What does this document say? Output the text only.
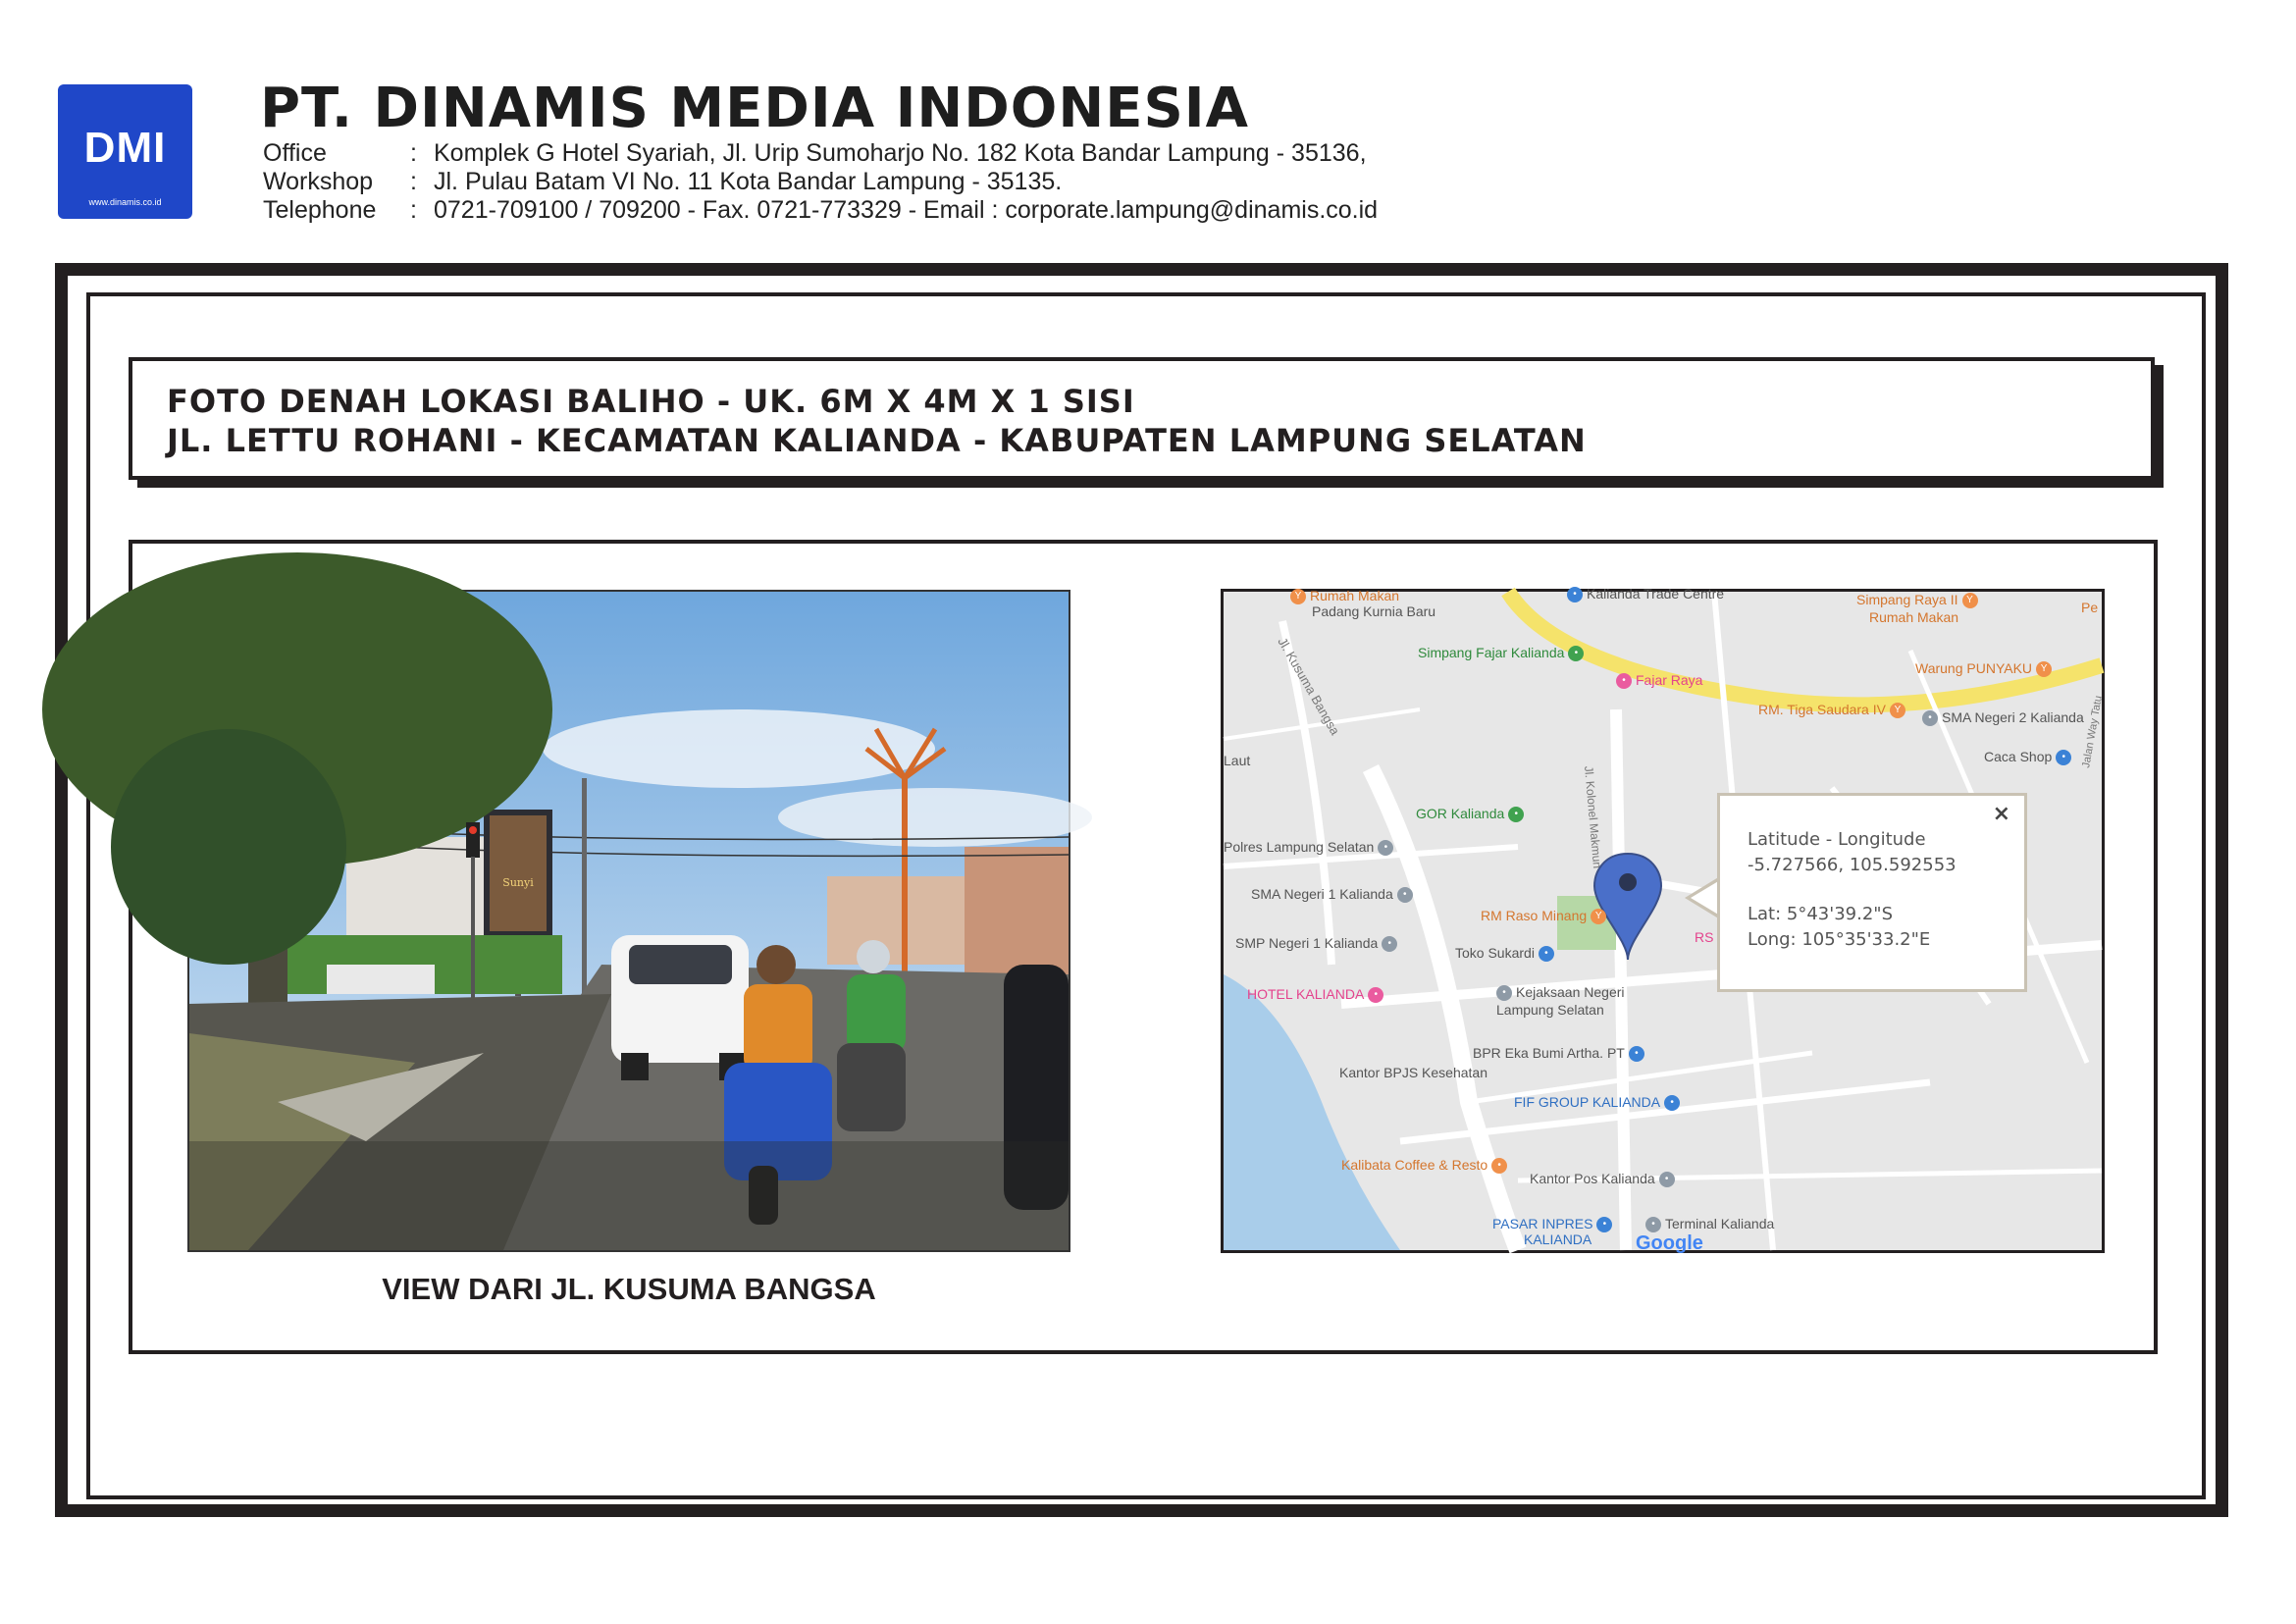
DMI
www.dinamis.co.id
PT. DINAMIS MEDIA INDONESIA
Office	: Komplek G Hotel Syariah, Jl. Urip Sumoharjo No. 182 Kota Bandar Lampung - 35136,
Workshop : Jl. Pulau Batam VI No. 11 Kota Bandar Lampung - 35135.
Telephone : 0721-709100 / 709200 - Fax. 0721-773329 - Email : corporate.lampung@dinamis.co.id
FOTO DENAH LOKASI BALIHO - UK. 6M X 4M X 1 SISI
JL. LETTU ROHANI - KECAMATAN KALIANDA - KABUPATEN LAMPUNG SELATAN
Sunyi
VIEW DARI JL. KUSUMA BANGSA
Jl. Kusuma Bangsa
Jl. Kolonel Makmun
Jalan Way Tatu
Google
Y Rumah Makan
Padang Kurnia Baru
• Kalianda Trade Centre	Simpang Raya II Y
Rumah Makan
Pe
Simpang Fajar Kalianda •
• Fajar Raya
Warung PUNYAKU Y
RM. Tiga Saudara IV Y
• SMA Negeri 2 Kalianda
Caca Shop •
Laut
GOR Kalianda •
Polres Lampung Selatan •
SMA Negeri 1 Kalianda •
RM Raso Minang Y
SMP Negeri 1 Kalianda •
Toko Sukardi •
HOTEL KALIANDA •	• Kejaksaan Negeri
Lampung Selatan
BPR Eka Bumi Artha. PT •
Kantor BPJS Kesehatan
FIF GROUP KALIANDA •
Kalibata Coffee & Resto •
Kantor Pos Kalianda •
PASAR INPRES •
KALIANDA
• Terminal Kalianda
RS
×
Latitude - Longitude
-5.727566, 105.592553
Lat: 5°43'39.2"S
Long: 105°35'33.2"E
